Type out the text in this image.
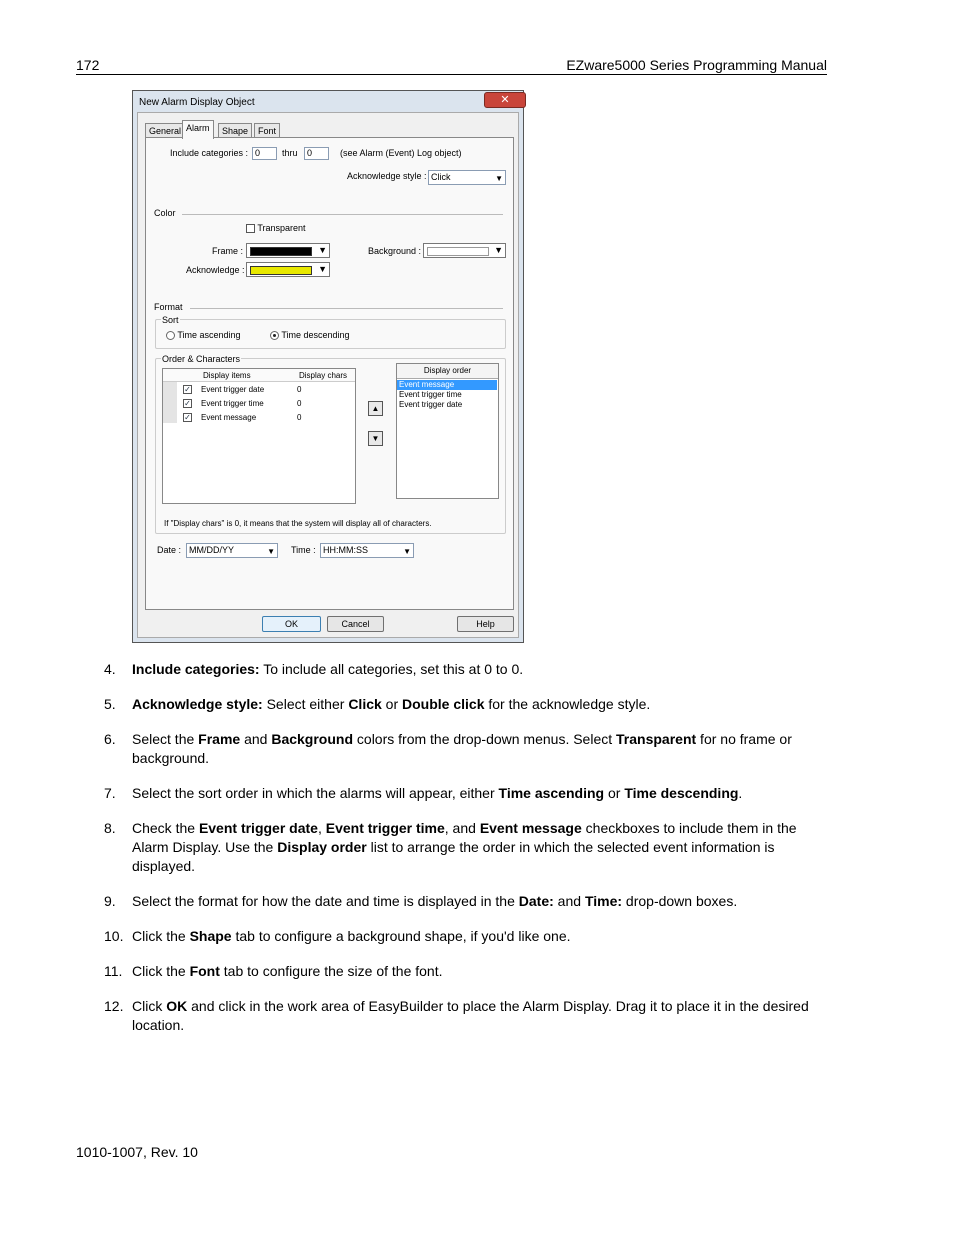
172	EZware5000 Series Programming Manual
New Alarm Display Object	✕
General Alarm	Shape	Font
Include categories : 0	thru	0	(see Alarm (Event) Log object)
Acknowledge style : Click	▼
Color
Transparent
Frame :	▼	Background :	▼
Acknowledge :	▼
Format
Sort
Time ascending	Time descending
Order & Characters
Display items	Display chars
✓ Event trigger date	0
✓ Event trigger time	0
✓ Event message	0
▲
▼
Display order
Event message
Event trigger time
Event trigger date
If "Display chars" is 0, it means that the system will display all of characters.
Date : MM/DD/YY	▼ Time : HH:MM:SS	▼
OK	Cancel	Help
4. Include categories: To include all categories, set this at 0 to 0.
5. Acknowledge style: Select either Click or Double click for the acknowledge style.
6. Select the Frame and Background colors from the drop-down menus. Select Transparent for no frame or background.
7. Select the sort order in which the alarms will appear, either Time ascending or Time descending.
8. Check the Event trigger date, Event trigger time, and Event message checkboxes to include them in the Alarm Display. Use the Display order list to arrange the order in which the selected event information is displayed.
9. Select the format for how the date and time is displayed in the Date: and Time: drop-down boxes.
10. Click the Shape tab to configure a background shape, if you'd like one.
11. Click the Font tab to configure the size of the font.
12. Click OK and click in the work area of EasyBuilder to place the Alarm Display. Drag it to place it in the desired location.
1010-1007, Rev. 10
